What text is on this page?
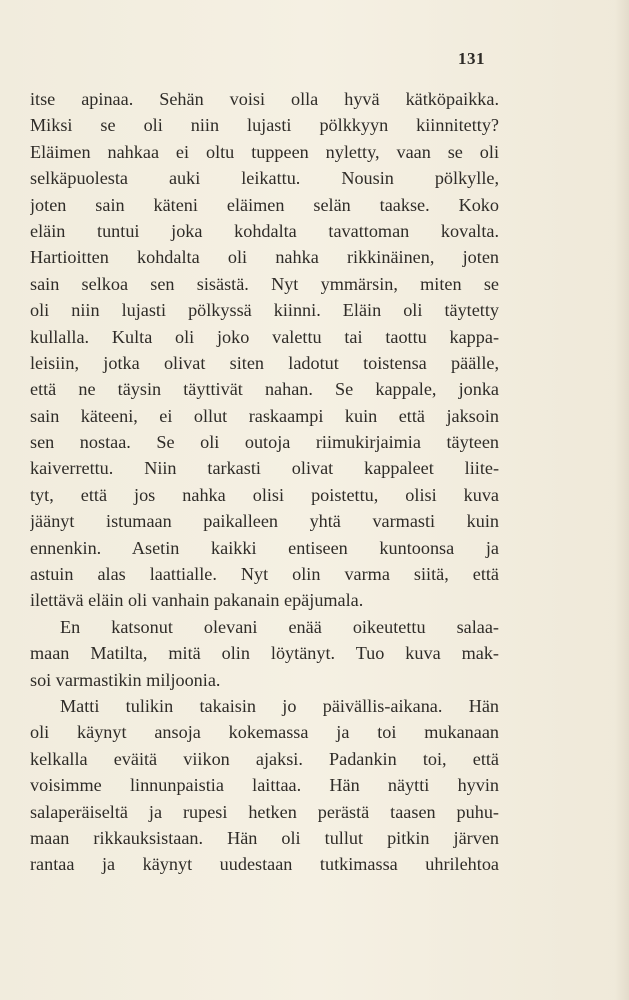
131
itse apinaa. Sehän voisi olla hyvä kätköpaikka.
Miksi se oli niin lujasti pölkkyyn kiinnitetty?
Eläimen nahkaa ei oltu tuppeen nyletty, vaan se oli
selkäpuolesta auki leikattu. Nousin pölkylle,
joten sain käteni eläimen selän taakse. Koko
eläin tuntui joka kohdalta tavattoman kovalta.
Hartioitten kohdalta oli nahka rikkinäinen, joten
sain selkoa sen sisästä. Nyt ymmärsin, miten se
oli niin lujasti pölkyssä kiinni. Eläin oli täytetty
kullalla. Kulta oli joko valettu tai taottu kappa-
leisiin, jotka olivat siten ladotut toistensa päälle,
että ne täysin täyttivät nahan. Se kappale, jonka
sain käteeni, ei ollut raskaampi kuin että jaksoin
sen nostaa. Se oli outoja riimukirjaimia täyteen
kaiverrettu. Niin tarkasti olivat kappaleet liite-
tyt, että jos nahka olisi poistettu, olisi kuva
jäänyt istumaan paikalleen yhtä varmasti kuin
ennenkin. Asetin kaikki entiseen kuntoonsa ja
astuin alas laattialle. Nyt olin varma siitä, että
ilettävä eläin oli vanhain pakanain epäjumala.
En katsonut olevani enää oikeutettu salaa-
maan Matilta, mitä olin löytänyt. Tuo kuva mak-
soi varmastikin miljoonia.
Matti tulikin takaisin jo päivällis-aikana. Hän
oli käynyt ansoja kokemassa ja toi mukanaan
kelkalla eväitä viikon ajaksi. Padankin toi, että
voisimme linnunpaistia laittaa. Hän näytti hyvin
salaperäiseltä ja rupesi hetken perästä taasen puhu-
maan rikkauksistaan. Hän oli tullut pitkin järven
rantaa ja käynyt uudestaan tutkimassa uhrilehtoa
